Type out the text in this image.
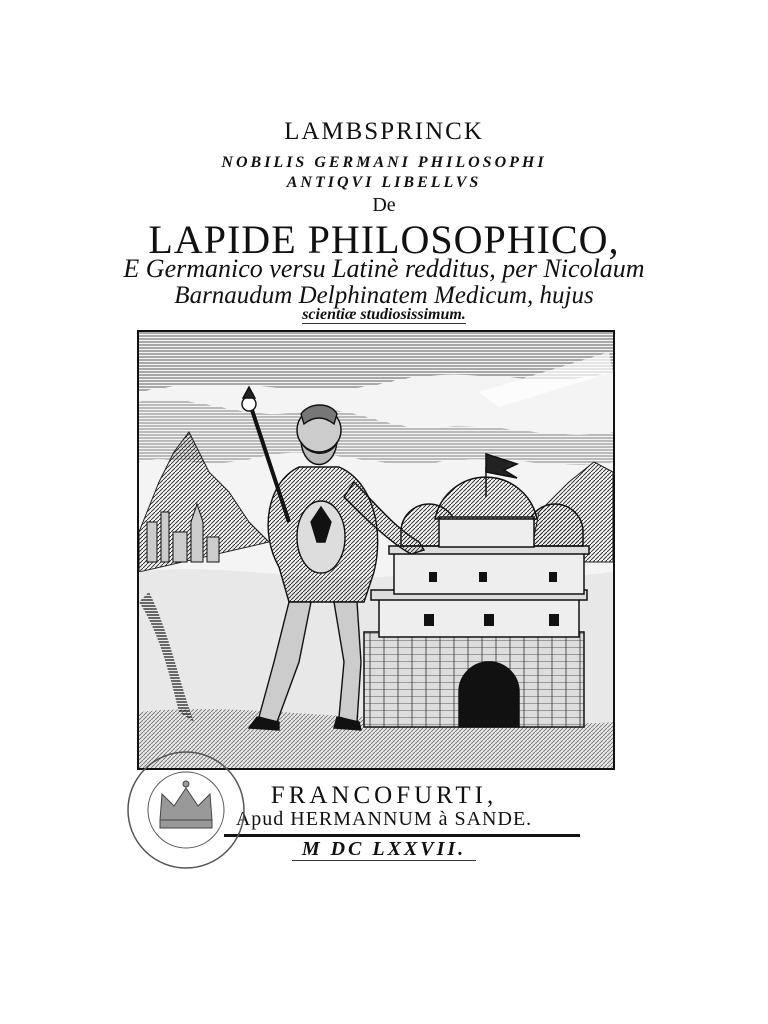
LAMBSPRINCK
NOBILIS GERMANI PHILOSOPHI
ANTIQVI LIBELLVS
De
LAPIDE PHILOSOPHICO,
E Germanico versu Latinè redditus, per Nicolaum
Barnaudum Delphinatem Medicum, hujus
scientiæ studiosissimum.
FRANCOFURTI,
Apud HERMANNUM à SANDE.
M DC LXXVII.
